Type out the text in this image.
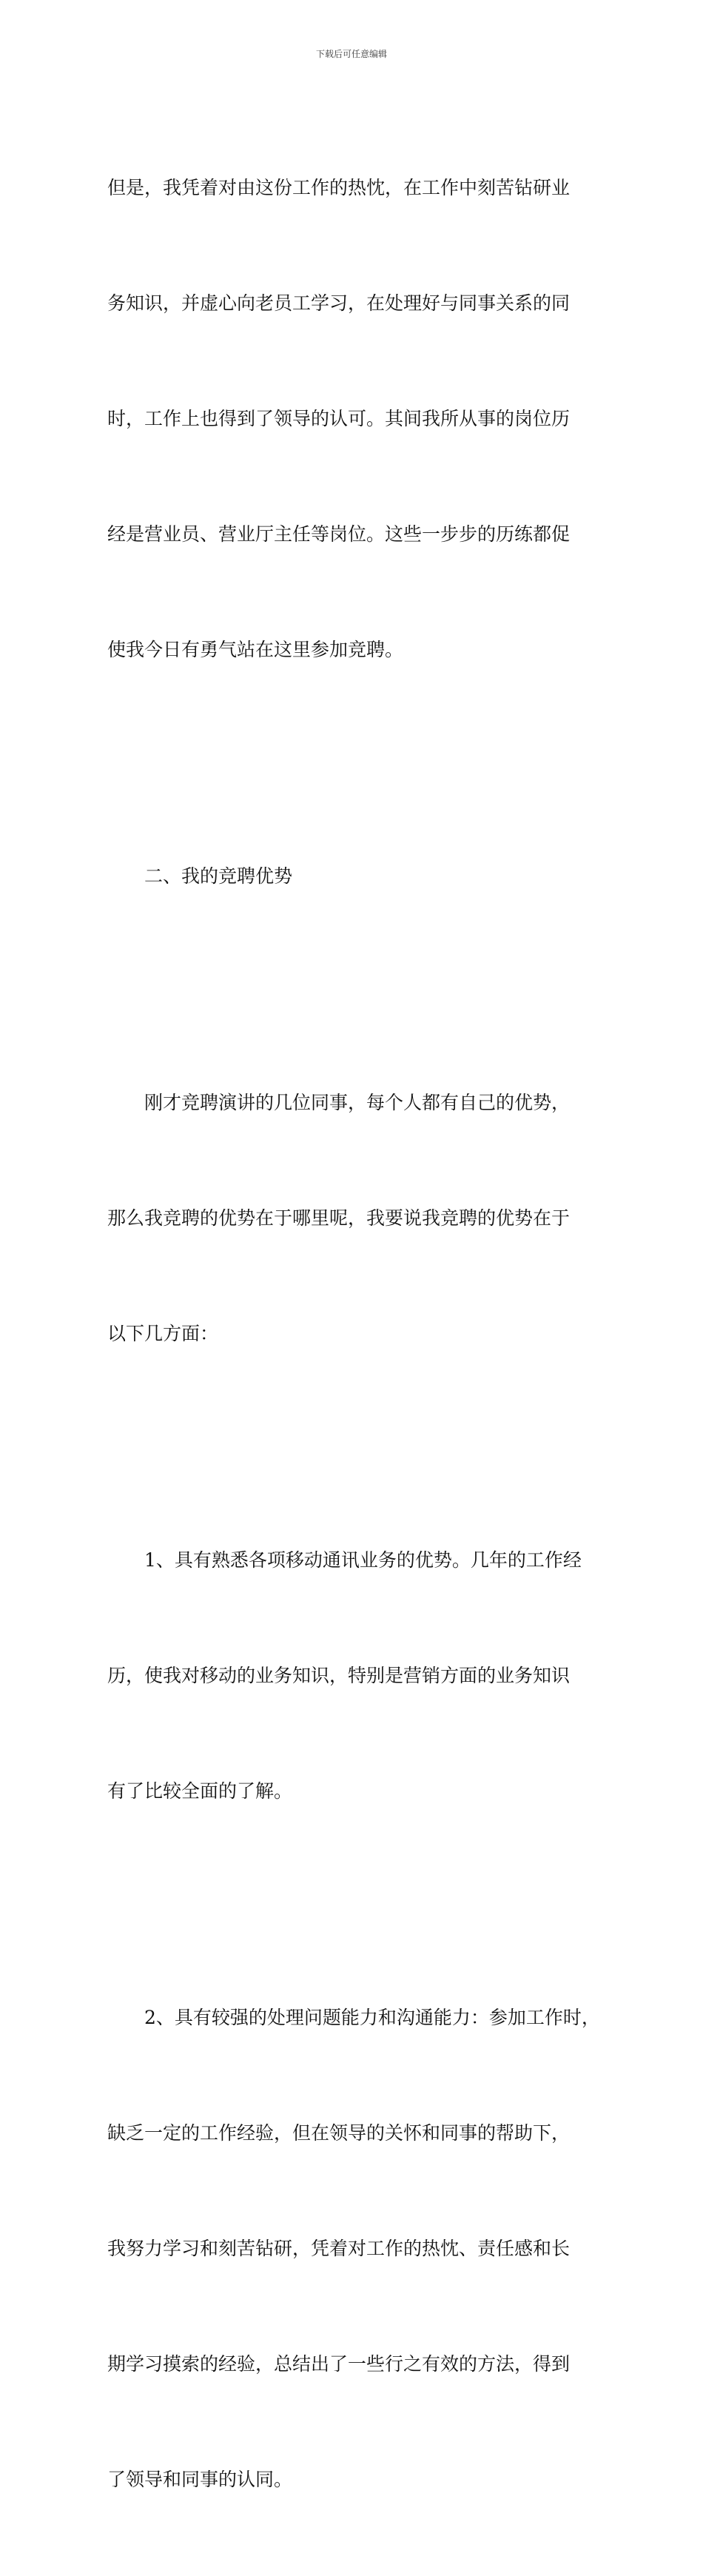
下载后可任意编辑

但是，我凭着对由这份工作的热忱，在工作中刻苦钻研业

务知识，并虚心向老员工学习，在处理好与同事关系的同

时，工作上也得到了领导的认可。其间我所从事的岗位历

经是营业员、营业厅主任等岗位。这些一步步的历练都促

使我今日有勇气站在这里参加竞聘。

　　二、我的竞聘优势

　　刚才竞聘演讲的几位同事，每个人都有自己的优势，

那么我竞聘的优势在于哪里呢，我要说我竞聘的优势在于

以下几方面：

　　1、具有熟悉各项移动通讯业务的优势。几年的工作经

历，使我对移动的业务知识，特别是营销方面的业务知识

有了比较全面的了解。

　　2、具有较强的处理问题能力和沟通能力：参加工作时，

缺乏一定的工作经验，但在领导的关怀和同事的帮助下，

我努力学习和刻苦钻研，凭着对工作的热忱、责任感和长

期学习摸索的经验，总结出了一些行之有效的方法，得到

了领导和同事的认同。
